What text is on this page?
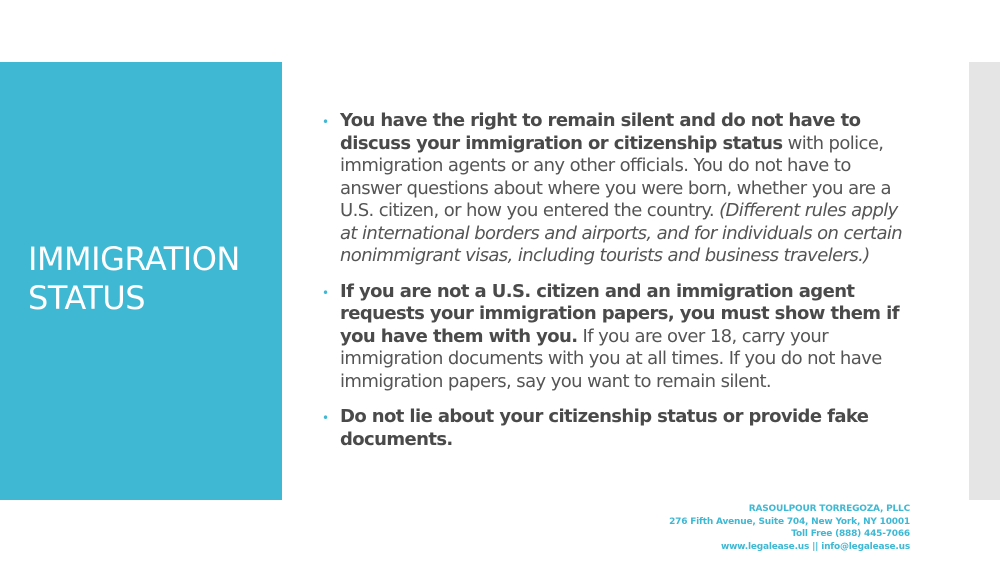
IMMIGRATION
STATUS
• You have the right to remain silent and do not have to discuss your immigration or citizenship status with police, immigration agents or any other officials. You do not have to answer questions about where you were born, whether you are a U.S. citizen, or how you entered the country. (Different rules apply at international borders and airports, and for individuals on certain nonimmigrant visas, including tourists and business travelers.)
• If you are not a U.S. citizen and an immigration agent requests your immigration papers, you must show them if you have them with you. If you are over 18, carry your immigration documents with you at all times. If you do not have immigration papers, say you want to remain silent.
• Do not lie about your citizenship status or provide fake documents.
RASOULPOUR TORREGOZA, PLLC
276 Fifth Avenue, Suite 704, New York, NY 10001
Toll Free (888) 445-7066
www.legalease.us || info@legalease.us
